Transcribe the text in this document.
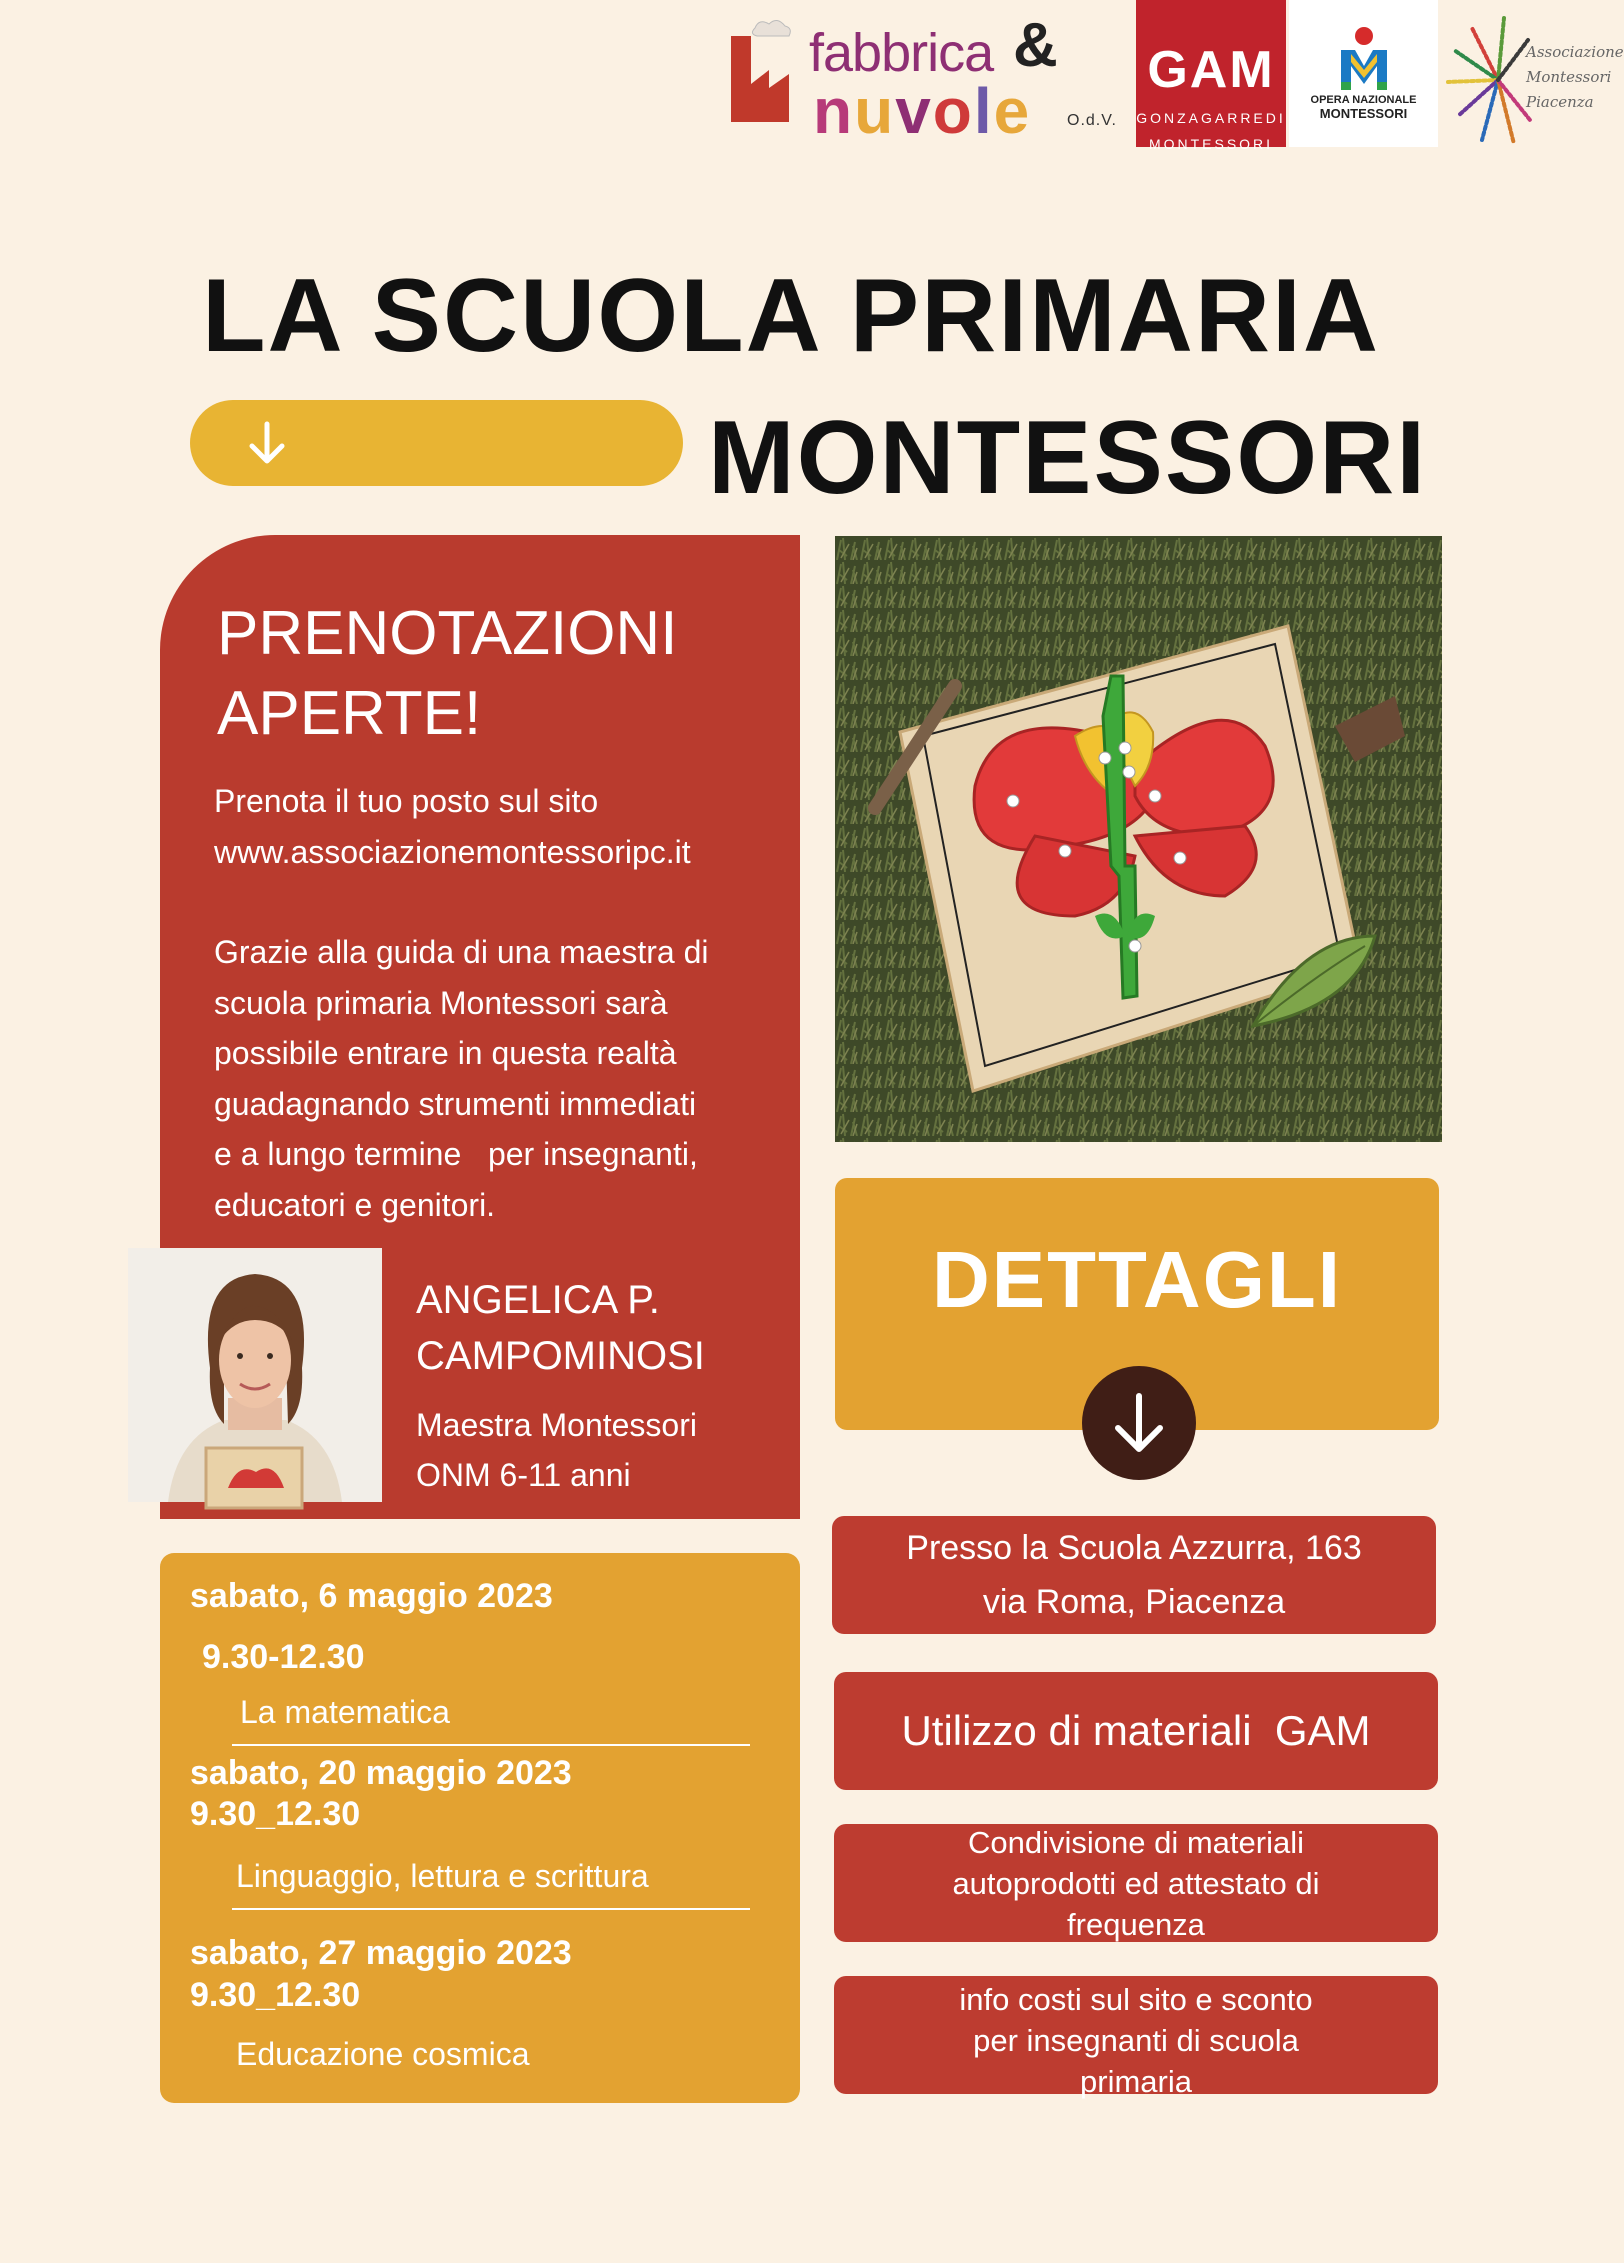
fabbrica &
nuvole O.d.V.
GAM
GONZAGARREDI
MONTESSORI
OPERA NAZIONALE
MONTESSORI
Associazione
Montessori
Piacenza
LA SCUOLA PRIMARIA
MONTESSORI
PRENOTAZIONI
APERTE!
Prenota il tuo posto sul sito
www.associazionemontessoripc.it
Grazie alla guida di una maestra di
scuola primaria Montessori sarà
possibile entrare in questa realtà
guadagnando strumenti immediati
e a lungo termine   per insegnanti,
educatori e genitori.
ANGELICA P.
CAMPOMINOSI
Maestra Montessori
ONM 6-11 anni
sabato, 6 maggio 2023
9.30-12.30
La matematica
sabato, 20 maggio 2023
9.30_12.30
Linguaggio, lettura e scrittura
sabato, 27 maggio 2023
9.30_12.30
Educazione cosmica
DETTAGLI
Presso la Scuola Azzurra, 163
via Roma, Piacenza

Utilizzo di materiali  GAM

Condivisione di materiali
autoprodotti ed attestato di
frequenza
info costi sul sito e sconto
per insegnanti di scuola
primaria
